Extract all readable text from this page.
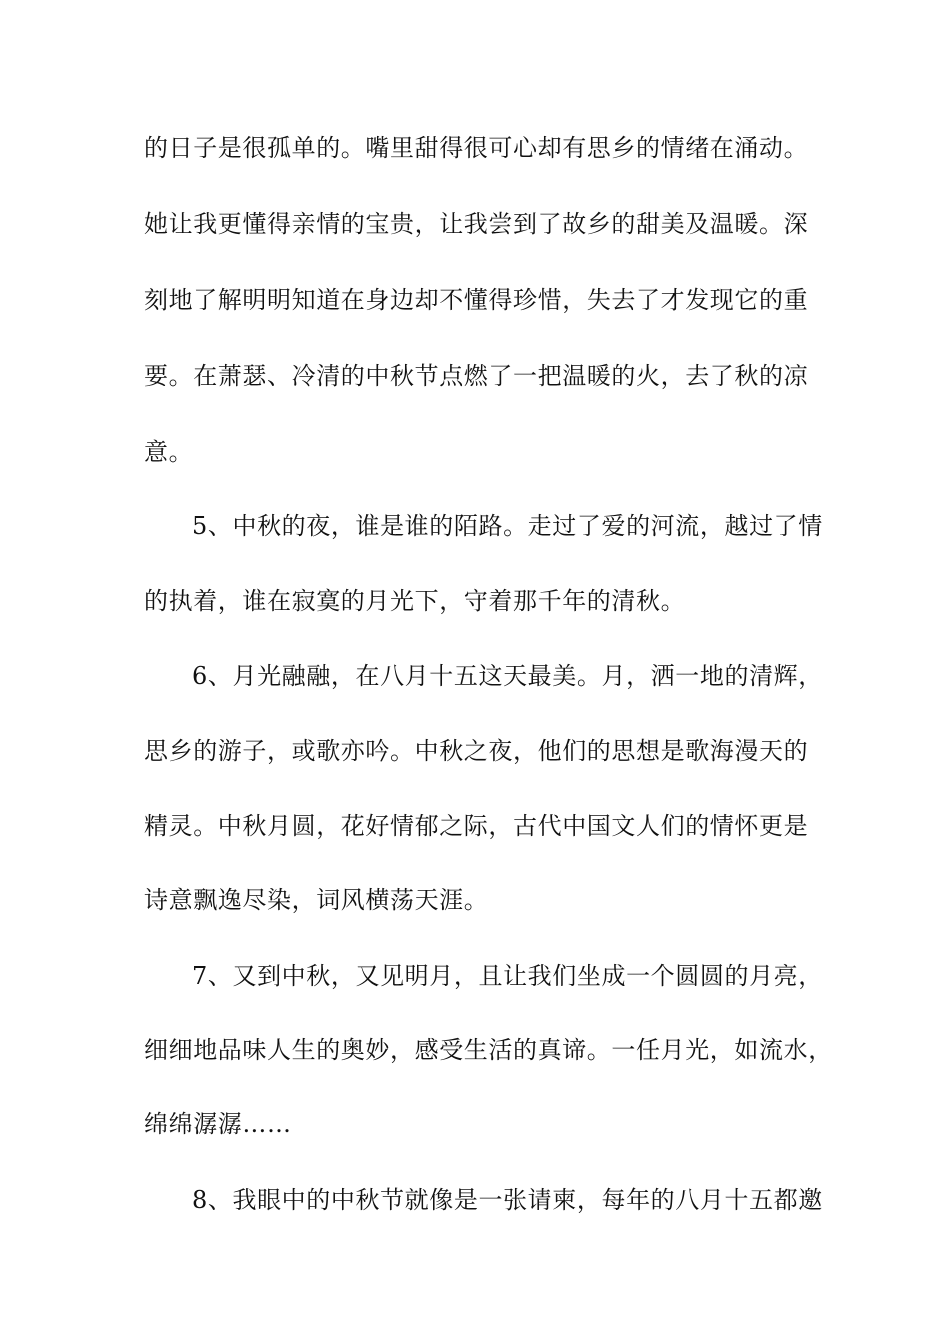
的日子是很孤单的。嘴里甜得很可心却有思乡的情绪在涌动。
她让我更懂得亲情的宝贵，让我尝到了故乡的甜美及温暖。深
刻地了解明明知道在身边却不懂得珍惜，失去了才发现它的重
要。在萧瑟、冷清的中秋节点燃了一把温暖的火，去了秋的凉
意。
5、中秋的夜，谁是谁的陌路。走过了爱的河流，越过了情
的执着，谁在寂寞的月光下，守着那千年的清秋。
6、月光融融，在八月十五这天最美。月，洒一地的清辉，
思乡的游子，或歌亦吟。中秋之夜，他们的思想是歌海漫天的
精灵。中秋月圆，花好情郁之际，古代中国文人们的情怀更是
诗意飘逸尽染，词风横荡天涯。
7、又到中秋，又见明月，且让我们坐成一个圆圆的月亮，
细细地品味人生的奥妙，感受生活的真谛。一任月光，如流水，
绵绵潺潺……
8、我眼中的中秋节就像是一张请柬，每年的八月十五都邀
